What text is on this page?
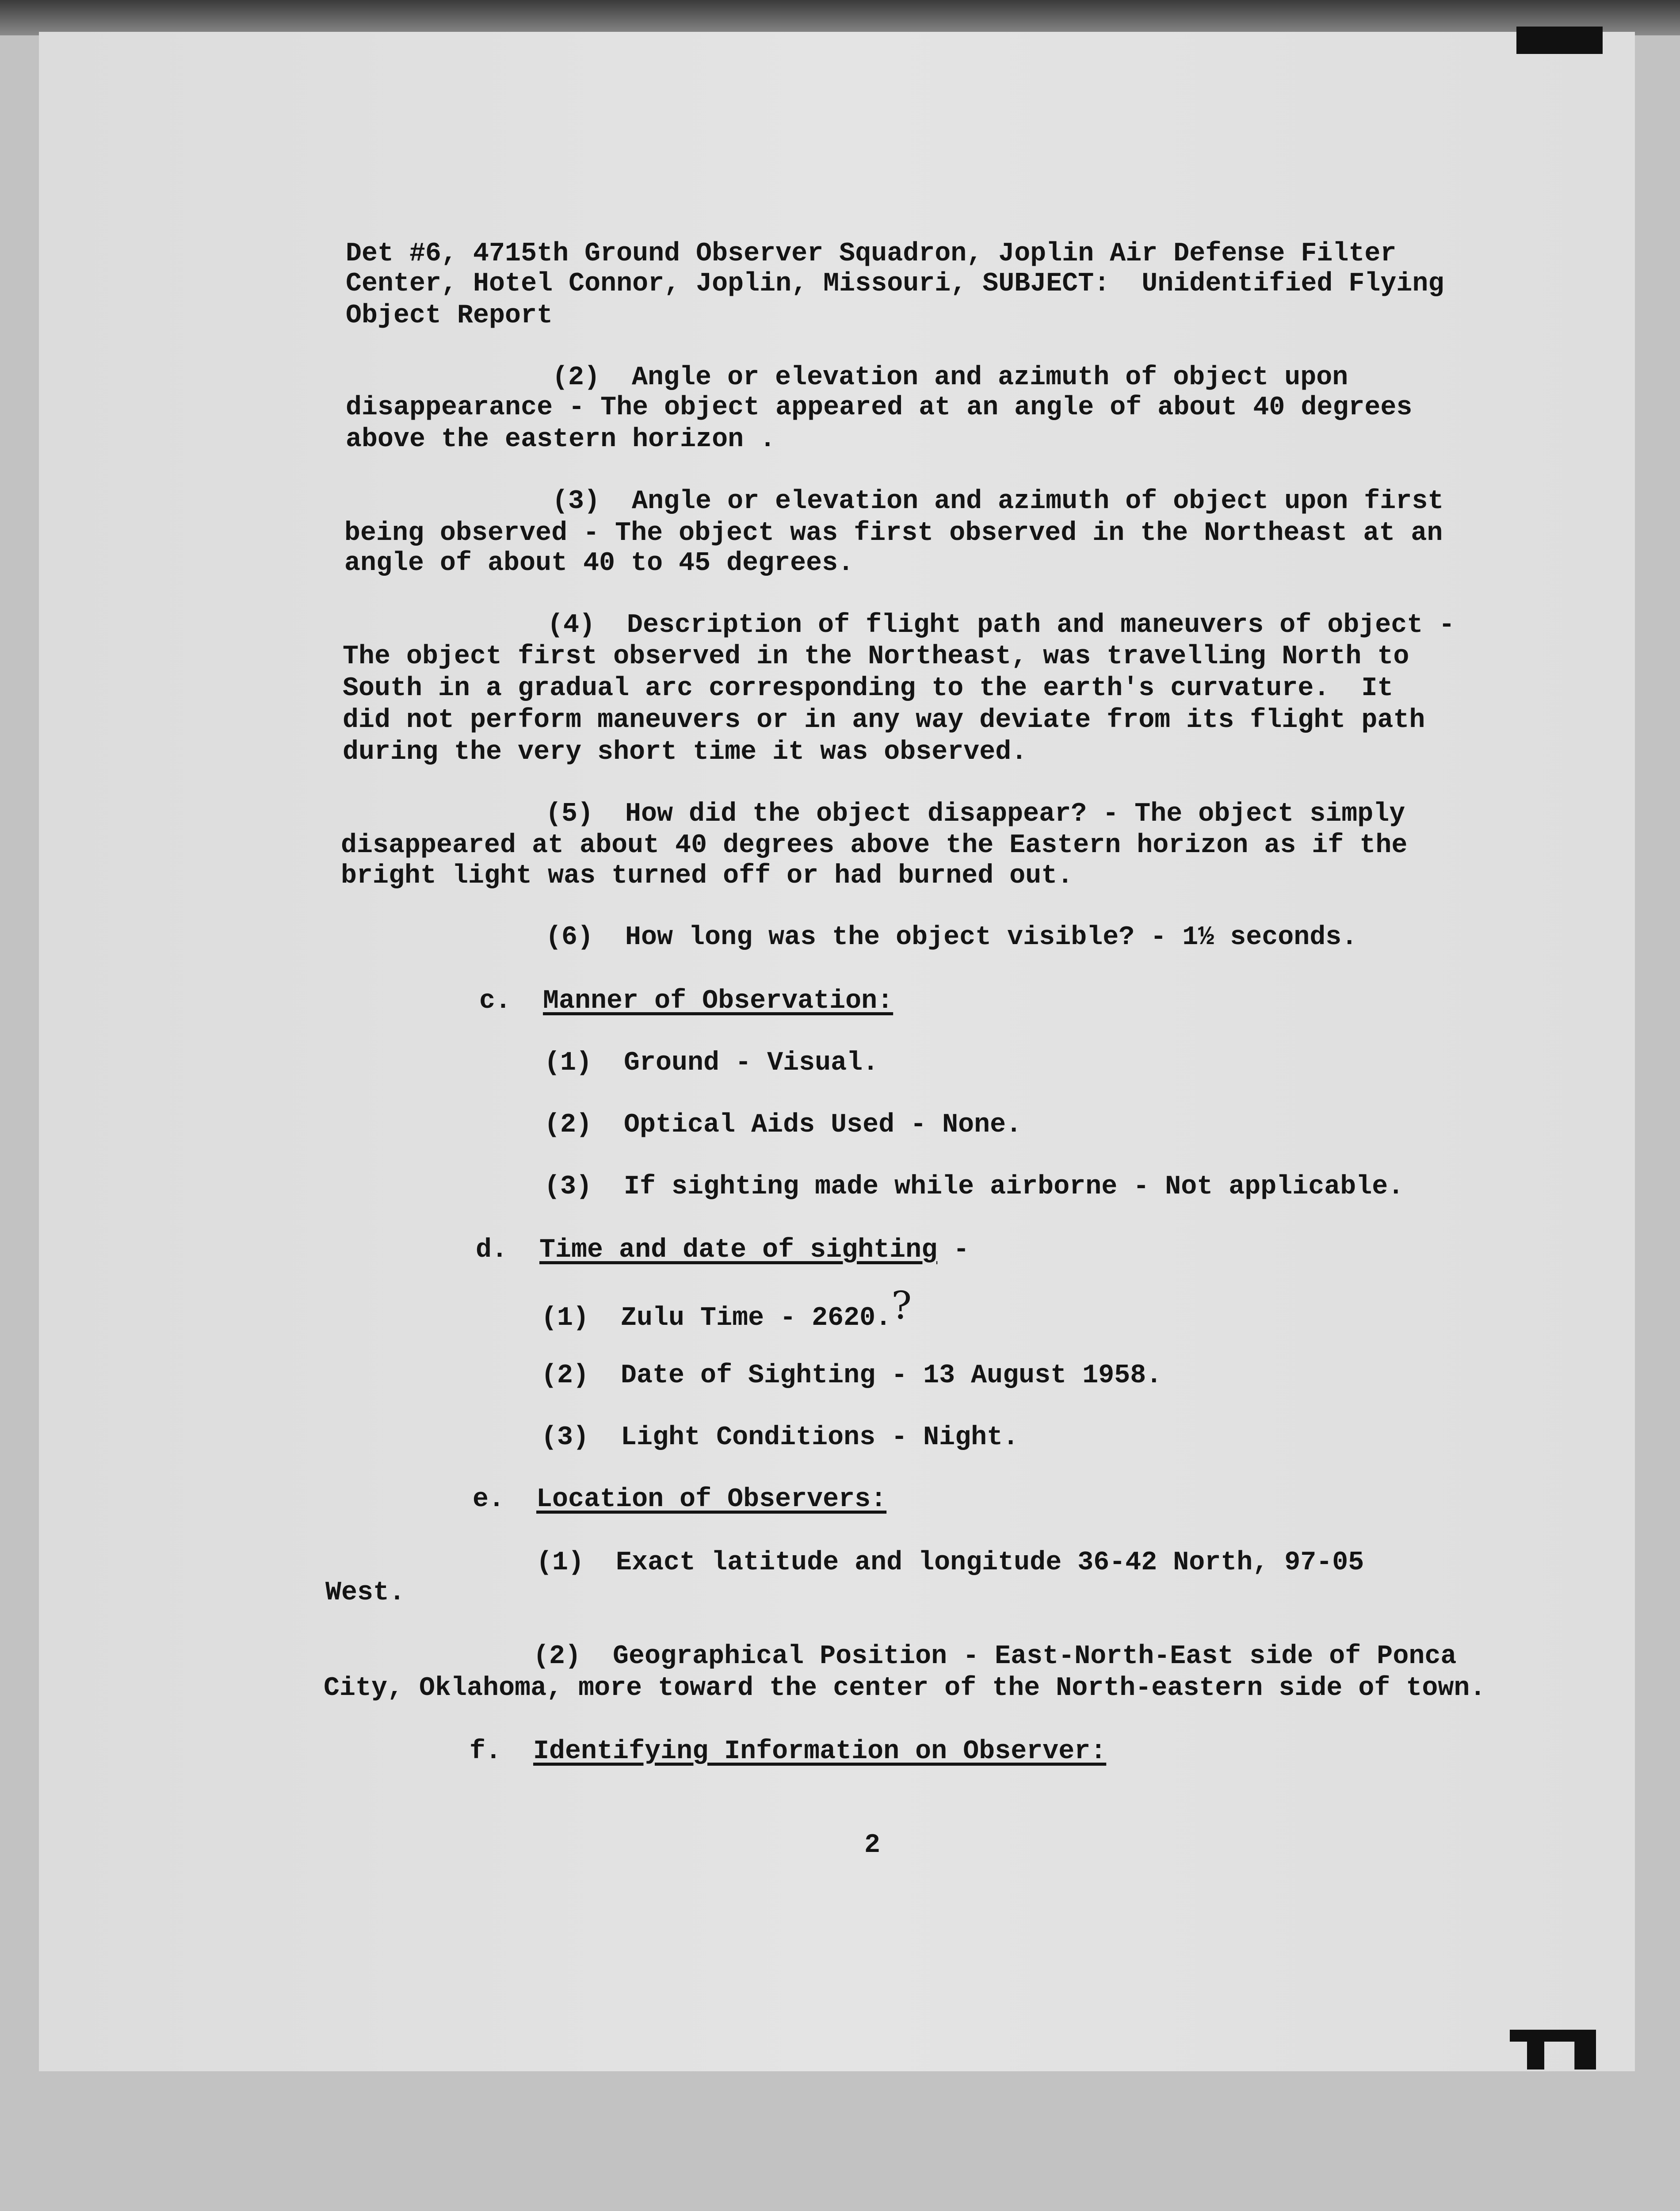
Det #6, 4715th Ground Observer Squadron, Joplin Air Defense Filter
Center, Hotel Connor, Joplin, Missouri, SUBJECT:  Unidentified Flying
Object Report
(2)  Angle or elevation and azimuth of object upon
disappearance - The object appeared at an angle of about 40 degrees
above the eastern horizon .
(3)  Angle or elevation and azimuth of object upon first
being observed - The object was first observed in the Northeast at an
angle of about 40 to 45 degrees.
(4)  Description of flight path and maneuvers of object -
The object first observed in the Northeast, was travelling North to
South in a gradual arc corresponding to the earth's curvature.  It
did not perform maneuvers or in any way deviate from its flight path
during the very short time it was observed.
(5)  How did the object disappear? - The object simply
disappeared at about 40 degrees above the Eastern horizon as if the
bright light was turned off or had burned out.
(6)  How long was the object visible? - 1½ seconds.
c. Manner of Observation:
(1)  Ground - Visual.
(2)  Optical Aids Used - None.
(3)  If sighting made while airborne - Not applicable.
d. Time and date of sighting -
(1)  Zulu Time - 2620.?
(2)  Date of Sighting - 13 August 1958.
(3)  Light Conditions - Night.
e. Location of Observers:
(1)  Exact latitude and longitude 36-42 North, 97-05
West.
(2)  Geographical Position - East-North-East side of Ponca
City, Oklahoma, more toward the center of the North-eastern side of town.
f. Identifying Information on Observer:
2
